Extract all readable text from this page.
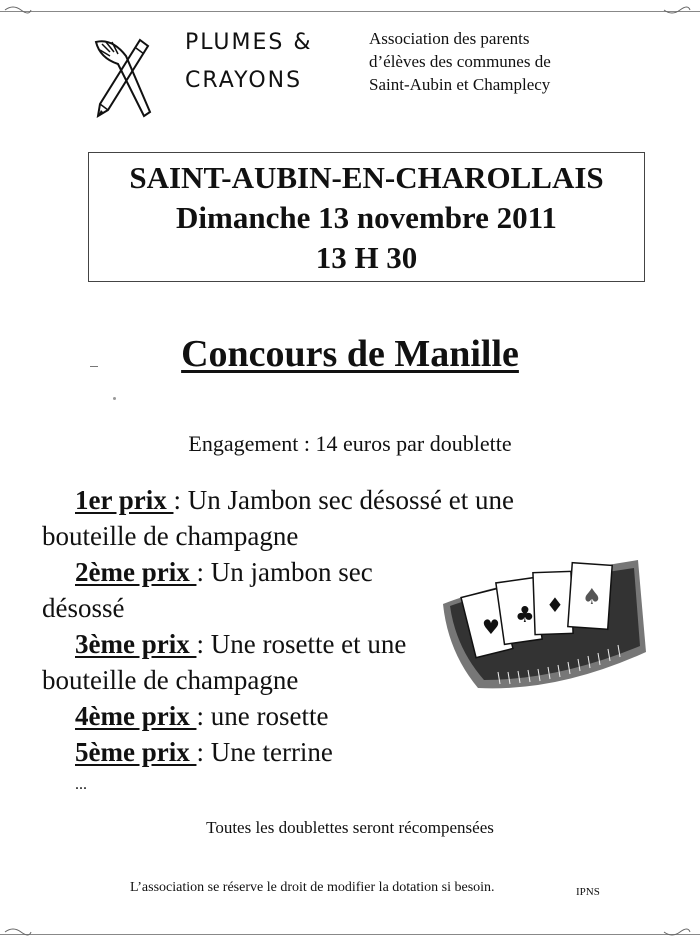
PLUMES &
CRAYONS
Association des parents
d’élèves des communes de
Saint-Aubin et Champlecy
SAINT-AUBIN-EN-CHAROLLAIS
Dimanche 13 novembre 2011
13 H 30
Concours de Manille
Engagement : 14 euros par doublette
1er prix : Un Jambon sec désossé et une bouteille de champagne
2ème prix : Un jambon sec désossé
3ème prix : Une rosette et une bouteille de champagne
4ème prix : une rosette
5ème prix : Une terrine
...
♥ ♣ ♦ ♠
Toutes les doublettes seront récompensées
L’association se réserve le droit de modifier la dotation si besoin.	IPNS
